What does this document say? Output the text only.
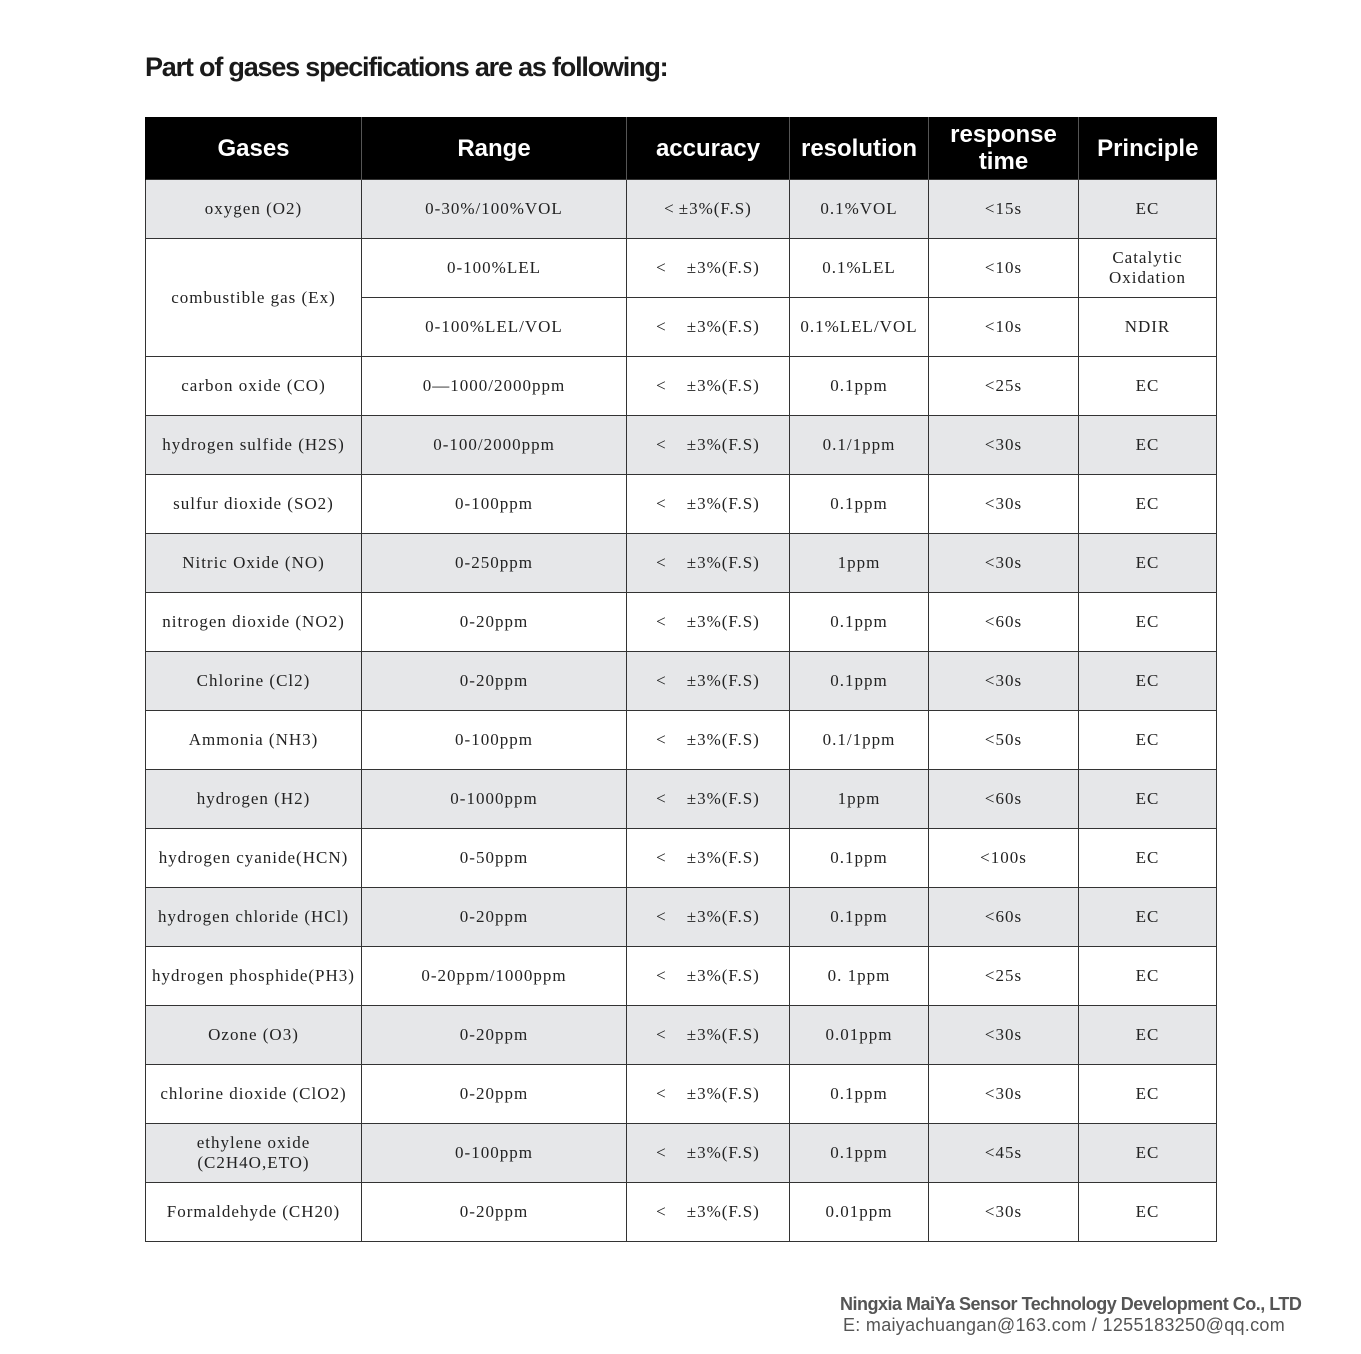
Part of gases specifications are as following:
Gases	Range	accuracy	resolution	response time	Principle
oxygen (O2)	0-30%/100%VOL	< ±3%(F.S)	0.1%VOL	<15s	EC
combustible gas (Ex)	0-100%LEL	< ±3%(F.S)	0.1%LEL	<10s	Catalytic Oxidation
	0-100%LEL/VOL	< ±3%(F.S)	0.1%LEL/VOL	<10s	NDIR
carbon oxide (CO)	0—1000/2000ppm	< ±3%(F.S)	0.1ppm	<25s	EC
hydrogen sulfide (H2S)	0-100/2000ppm	< ±3%(F.S)	0.1/1ppm	<30s	EC
sulfur dioxide (SO2)	0-100ppm	< ±3%(F.S)	0.1ppm	<30s	EC
Nitric Oxide (NO)	0-250ppm	< ±3%(F.S)	1ppm	<30s	EC
nitrogen dioxide (NO2)	0-20ppm	< ±3%(F.S)	0.1ppm	<60s	EC
Chlorine (Cl2)	0-20ppm	< ±3%(F.S)	0.1ppm	<30s	EC
Ammonia (NH3)	0-100ppm	< ±3%(F.S)	0.1/1ppm	<50s	EC
hydrogen (H2)	0-1000ppm	< ±3%(F.S)	1ppm	<60s	EC
hydrogen cyanide(HCN)	0-50ppm	< ±3%(F.S)	0.1ppm	<100s	EC
hydrogen chloride (HCl)	0-20ppm	< ±3%(F.S)	0.1ppm	<60s	EC
hydrogen phosphide(PH3)	0-20ppm/1000ppm	< ±3%(F.S)	0. 1ppm	<25s	EC
Ozone (O3)	0-20ppm	< ±3%(F.S)	0.01ppm	<30s	EC
chlorine dioxide (ClO2)	0-20ppm	< ±3%(F.S)	0.1ppm	<30s	EC
ethylene oxide (C2H4O,ETO)	0-100ppm	< ±3%(F.S)	0.1ppm	<45s	EC
Formaldehyde (CH20)	0-20ppm	< ±3%(F.S)	0.01ppm	<30s	EC
Ningxia MaiYa Sensor Technology Development Co., LTD
E: maiyachuangan@163.com / 1255183250@qq.com
